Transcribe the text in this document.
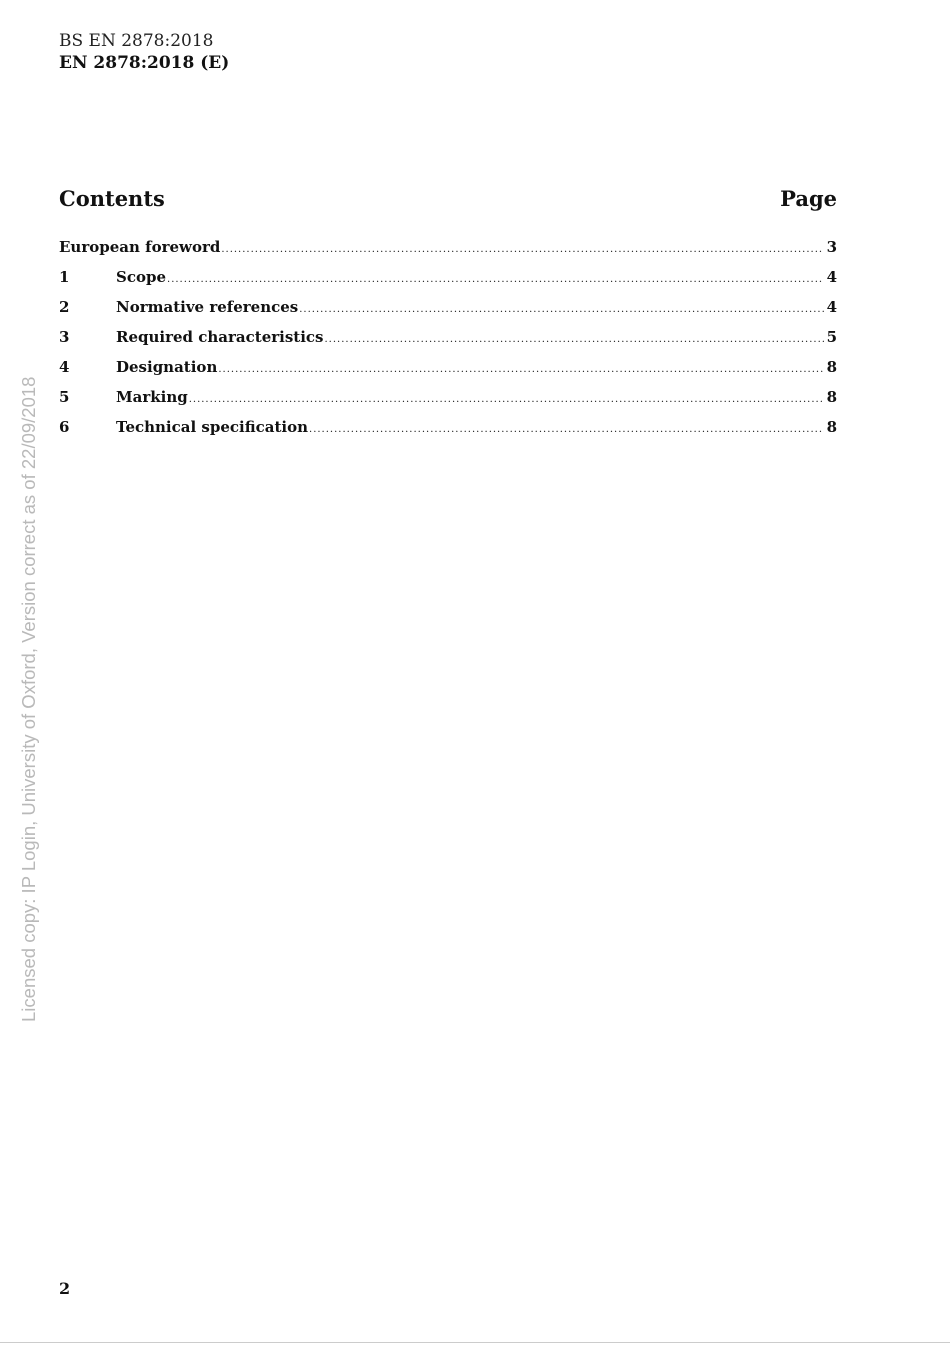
BS EN 2878:2018
EN 2878:2018 (E)
Contents	Page
European foreword .....	3
1	Scope .....	4
2	Normative references .....	4
3	Required characteristics .....	5
4	Designation .....	8
5	Marking .....	8
6	Technical specification .....	8
Licensed copy: IP Login, University of Oxford, Version correct as of 22/09/2018
2
